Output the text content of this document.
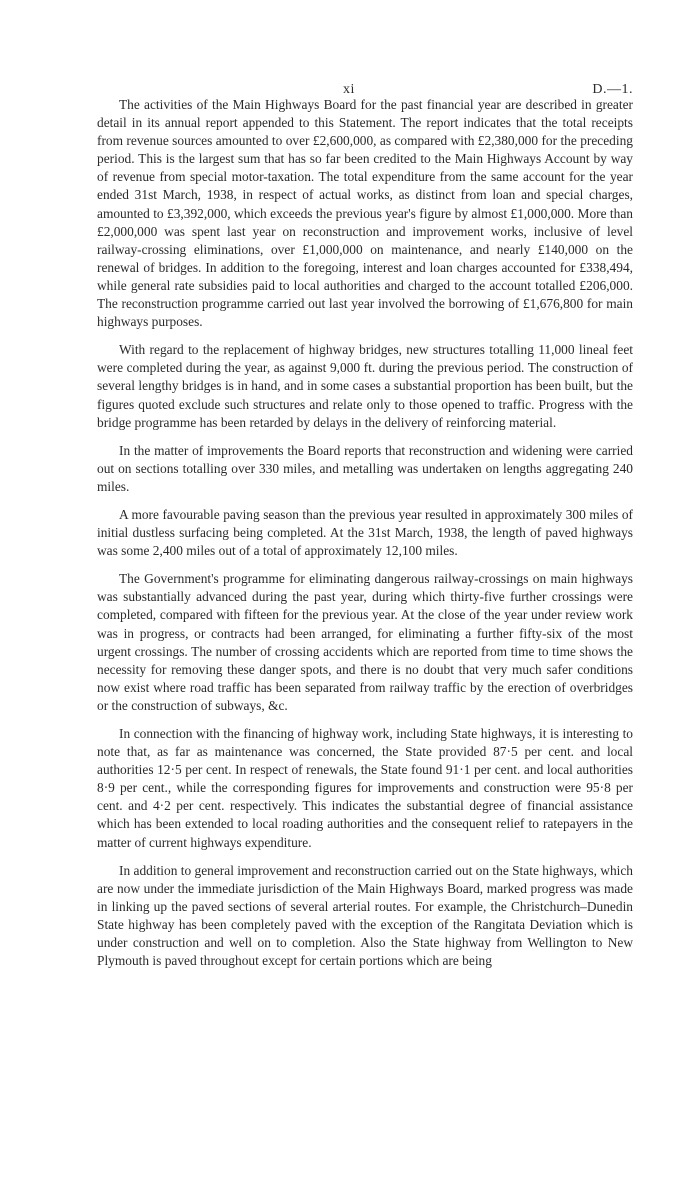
xi	D.—1.

The activities of the Main Highways Board for the past financial year are described in greater detail in its annual report appended to this Statement. The report indicates that the total receipts from revenue sources amounted to over £2,600,000, as compared with £2,380,000 for the preceding period. This is the largest sum that has so far been credited to the Main Highways Account by way of revenue from special motor-taxation. The total expenditure from the same account for the year ended 31st March, 1938, in respect of actual works, as distinct from loan and special charges, amounted to £3,392,000, which exceeds the previous year's figure by almost £1,000,000. More than £2,000,000 was spent last year on reconstruction and improvement works, inclusive of level railway-crossing eliminations, over £1,000,000 on maintenance, and nearly £140,000 on the renewal of bridges. In addition to the foregoing, interest and loan charges accounted for £338,494, while general rate subsidies paid to local authorities and charged to the account totalled £206,000. The reconstruction programme carried out last year involved the borrowing of £1,676,800 for main highways purposes.

With regard to the replacement of highway bridges, new structures totalling 11,000 lineal feet were completed during the year, as against 9,000 ft. during the previous period. The construction of several lengthy bridges is in hand, and in some cases a substantial proportion has been built, but the figures quoted exclude such structures and relate only to those opened to traffic. Progress with the bridge programme has been retarded by delays in the delivery of reinforcing material.

In the matter of improvements the Board reports that reconstruction and widening were carried out on sections totalling over 330 miles, and metalling was undertaken on lengths aggregating 240 miles.

A more favourable paving season than the previous year resulted in approximately 300 miles of initial dustless surfacing being completed. At the 31st March, 1938, the length of paved highways was some 2,400 miles out of a total of approximately 12,100 miles.

The Government's programme for eliminating dangerous railway-crossings on main highways was substantially advanced during the past year, during which thirty-five further crossings were completed, compared with fifteen for the previous year. At the close of the year under review work was in progress, or contracts had been arranged, for eliminating a further fifty-six of the most urgent crossings. The number of crossing accidents which are reported from time to time shows the necessity for removing these danger spots, and there is no doubt that very much safer conditions now exist where road traffic has been separated from railway traffic by the erection of overbridges or the construction of subways, &c.

In connection with the financing of highway work, including State highways, it is interesting to note that, as far as maintenance was concerned, the State provided 87·5 per cent. and local authorities 12·5 per cent. In respect of renewals, the State found 91·1 per cent. and local authorities 8·9 per cent., while the corresponding figures for improvements and construction were 95·8 per cent. and 4·2 per cent. respectively. This indicates the substantial degree of financial assistance which has been extended to local roading authorities and the consequent relief to ratepayers in the matter of current highways expenditure.

In addition to general improvement and reconstruction carried out on the State highways, which are now under the immediate jurisdiction of the Main Highways Board, marked progress was made in linking up the paved sections of several arterial routes. For example, the Christchurch–Dunedin State highway has been completely paved with the exception of the Rangitata Deviation which is under construction and well on to completion. Also the State highway from Wellington to New Plymouth is paved throughout except for certain portions which are being
